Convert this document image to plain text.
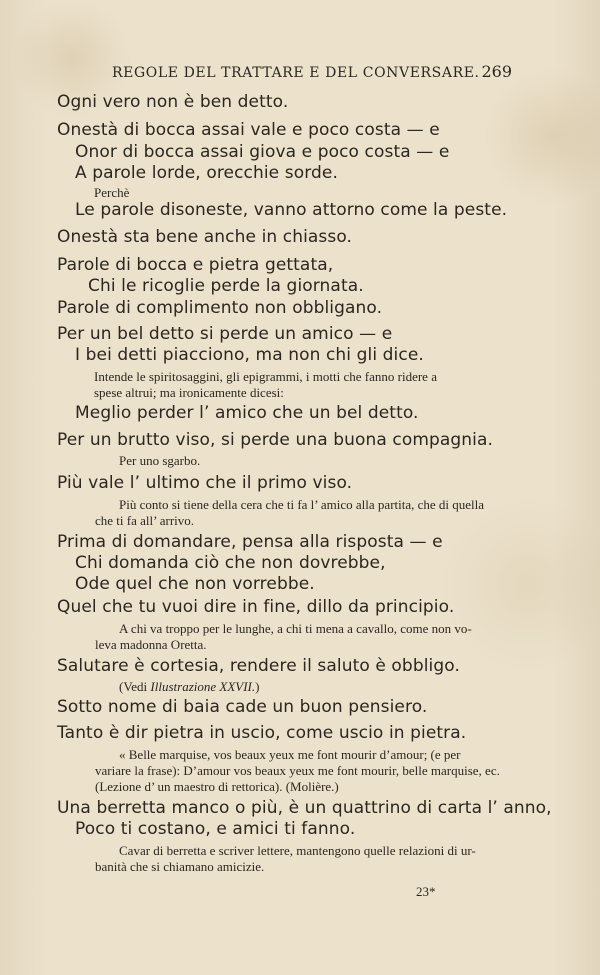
REGOLE DEL TRATTARE E DEL CONVERSARE. 269
Ogni vero non è ben detto.
Onestà di bocca assai vale e poco costa — e
Onor di bocca assai giova e poco costa — e
A parole lorde, orecchie sorde.
Perchè
Le parole disoneste, vanno attorno come la peste.
Onestà sta bene anche in chiasso.
Parole di bocca e pietra gettata,
Chi le ricoglie perde la giornata.
Parole di complimento non obbligano.
Per un bel detto si perde un amico — e
I bei detti piacciono, ma non chi gli dice.
Intende le spiritosaggini, gli epigrammi, i motti che fanno ridere a
spese altrui; ma ironicamente dicesi:
Meglio perder l’ amico che un bel detto.
Per un brutto viso, si perde una buona compagnia.
Per uno sgarbo.
Più vale l’ ultimo che il primo viso.
Più conto si tiene della cera che ti fa l’ amico alla partita, che di quella
che ti fa all’ arrivo.
Prima di domandare, pensa alla risposta — e
Chi domanda ciò che non dovrebbe,
Ode quel che non vorrebbe.
Quel che tu vuoi dire in fine, dillo da principio.
A chi va troppo per le lunghe, a chi ti mena a cavallo, come non vo-
leva madonna Oretta.
Salutare è cortesia, rendere il saluto è obbligo.
(Vedi Illustrazione XXVII.)
Sotto nome di baia cade un buon pensiero.
Tanto è dir pietra in uscio, come uscio in pietra.
« Belle marquise, vos beaux yeux me font mourir d’amour; (e per
variare la frase): D’amour vos beaux yeux me font mourir, belle marquise, ec.
(Lezione d’ un maestro di rettorica). (Molière.)
Una berretta manco o più, è un quattrino di carta l’ anno,
Poco ti costano, e amici ti fanno.
Cavar di berretta e scriver lettere, mantengono quelle relazioni di ur-
banità che si chiamano amicizie.
23*
